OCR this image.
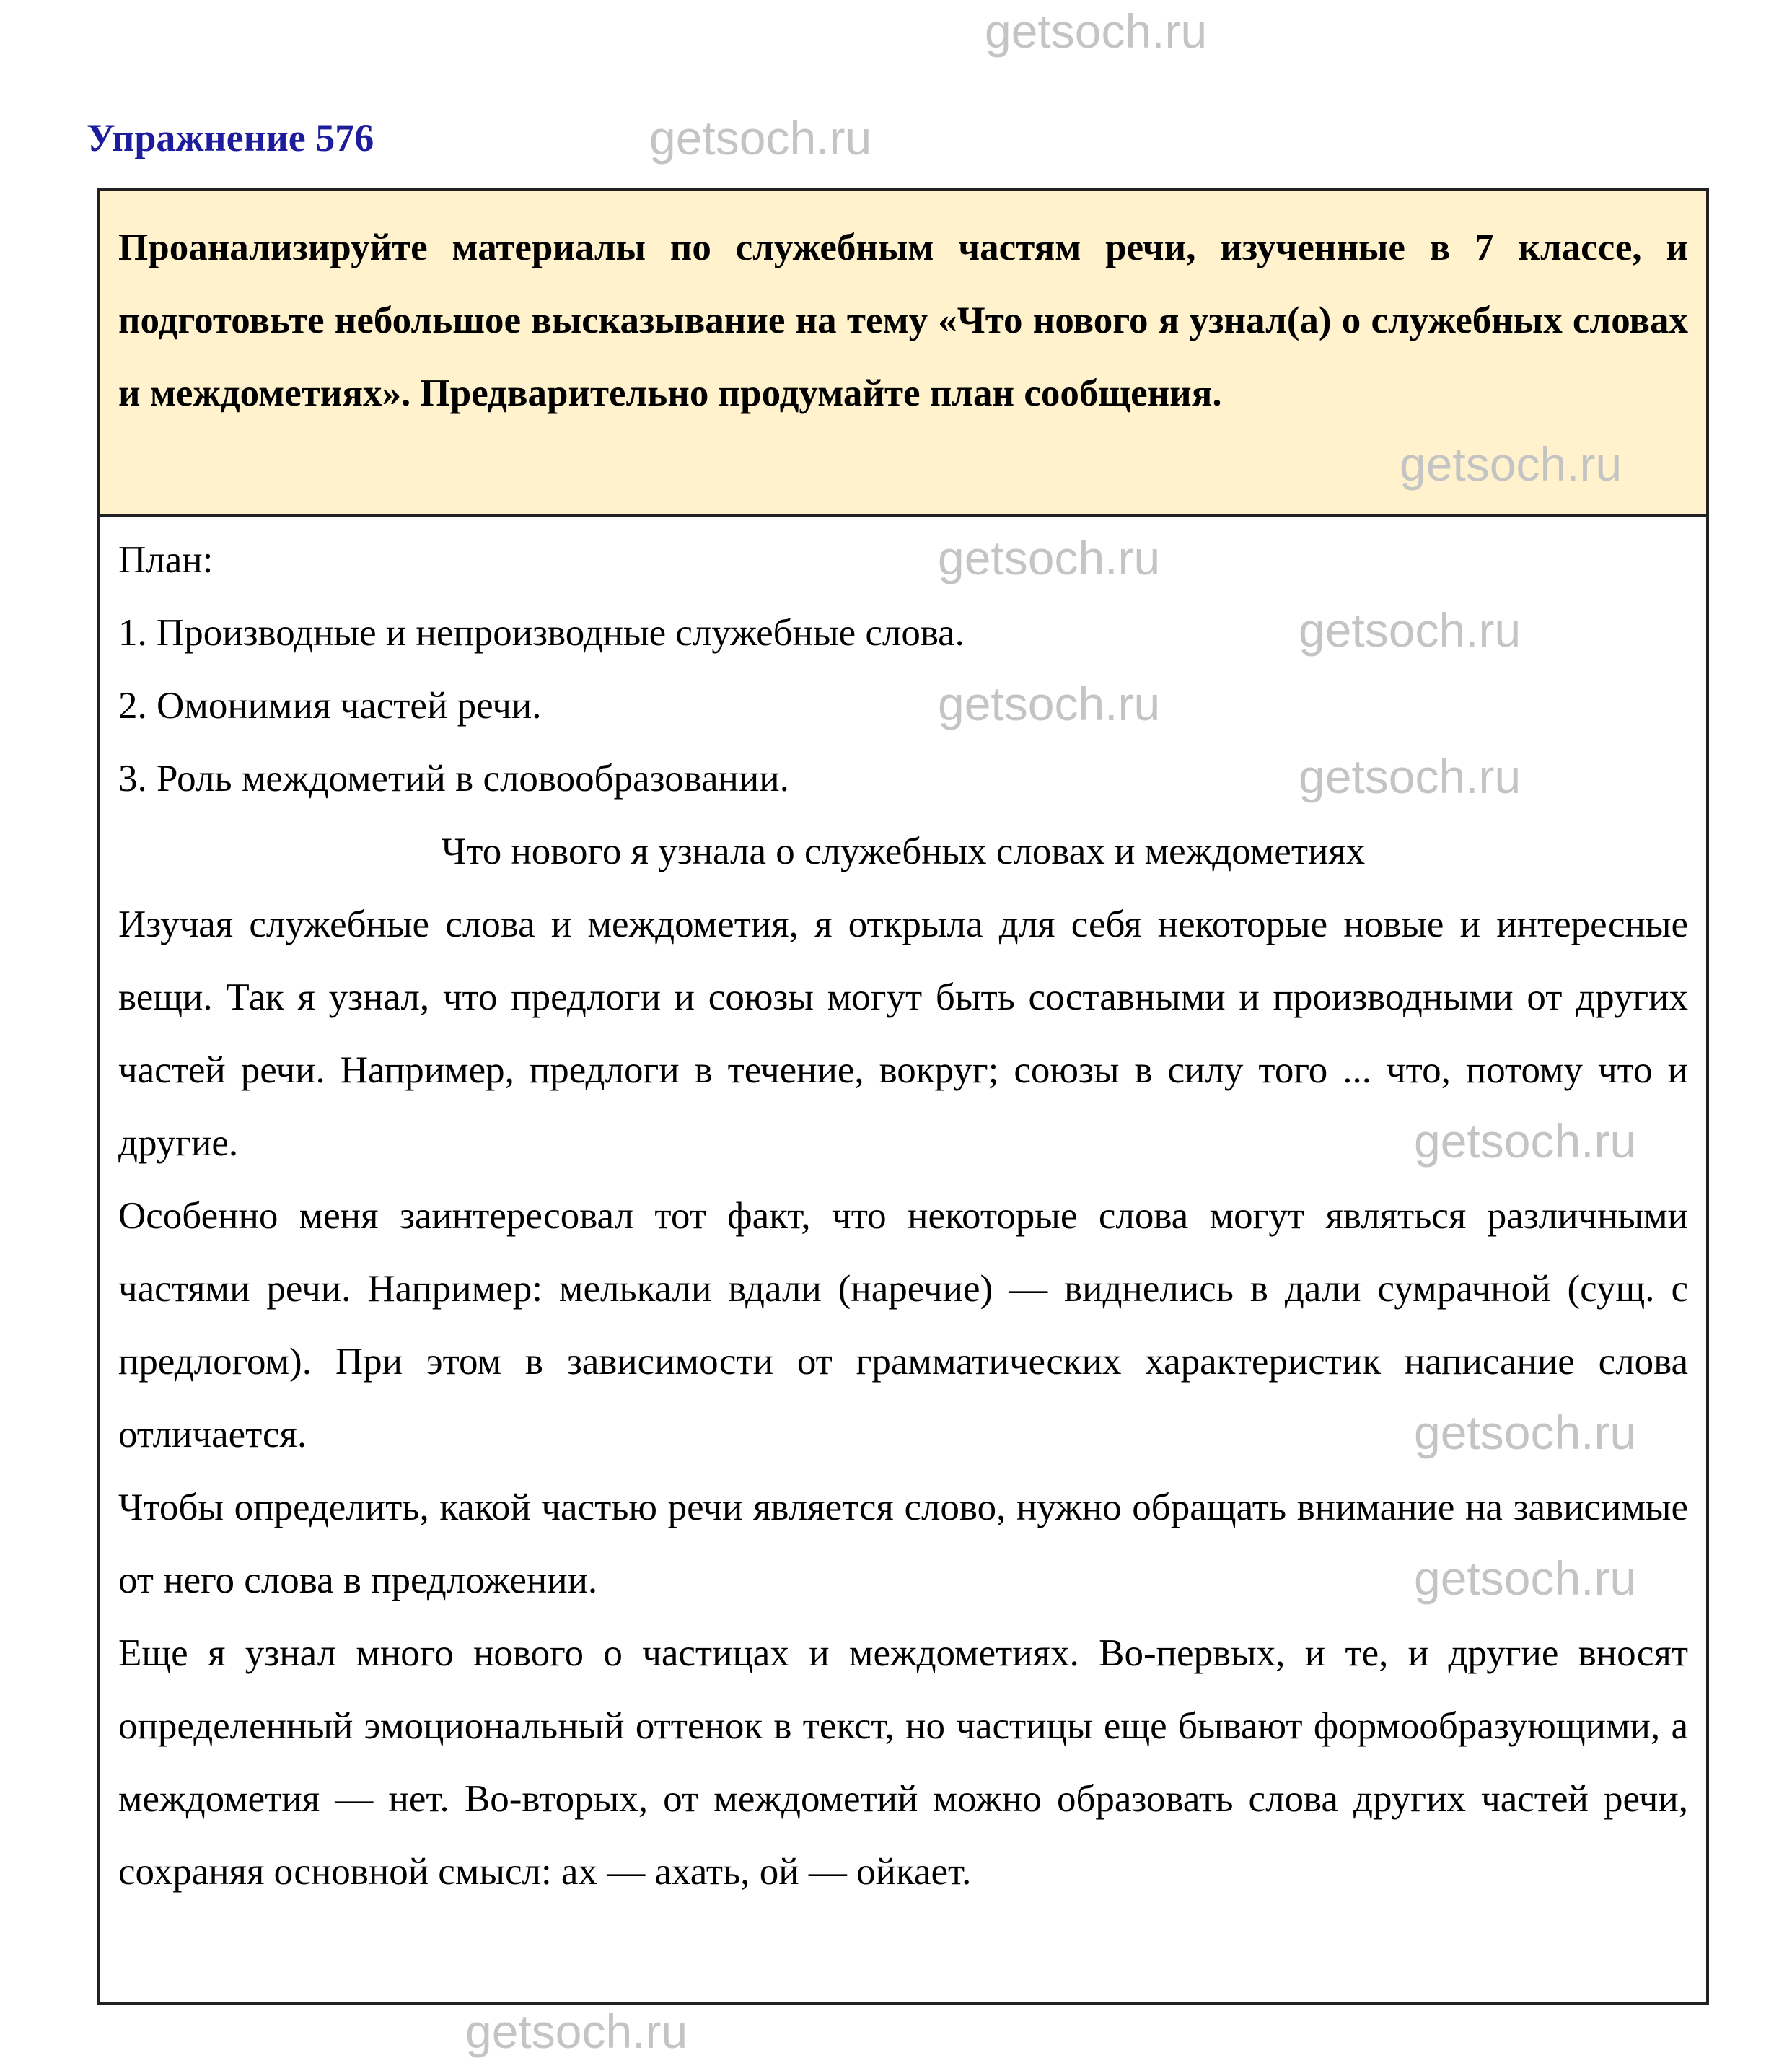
Упражнение 576
Проанализируйте материалы по служебным частям речи, изученные в 7 классе, и подготовьте небольшое высказывание на тему «Что нового я узнал(а) о служебных словах и междометиях». Предварительно продумайте план сообщения.

План:

1. Производные и непроизводные служебные слова.

2. Омонимия частей речи.

3. Роль междометий в словообразовании.

Что нового я узнала о служебных словах и междометиях

Изучая служебные слова и междометия, я открыла для себя некоторые новые и интересные вещи. Так я узнал, что предлоги и союзы могут быть составными и производными от других частей речи. Например, предлоги в течение, вокруг; союзы в силу того ... что, потому что и другие.

Особенно меня заинтересовал тот факт, что некоторые слова могут являться различными частями речи. Например: мелькали вдали (наречие) — виднелись в дали сумрачной (сущ. с предлогом). При этом в зависимости от грамматических характеристик написание слова отличается.

Чтобы определить, какой частью речи является слово, нужно обращать внимание на зависимые от него слова в предложении.

Еще я узнал много нового о частицах и междометиях. Во-первых, и те, и другие вносят определенный эмоциональный оттенок в текст, но частицы еще бывают формообразующими, а междометия — нет. Во-вторых, от междометий можно образовать слова других частей речи, сохраняя основной смысл: ах — ахать, ой — ойкает.

getsoch.ru
getsoch.ru
getsoch.ru
getsoch.ru
getsoch.ru
getsoch.ru
getsoch.ru
getsoch.ru
getsoch.ru
getsoch.ru
getsoch.ru
